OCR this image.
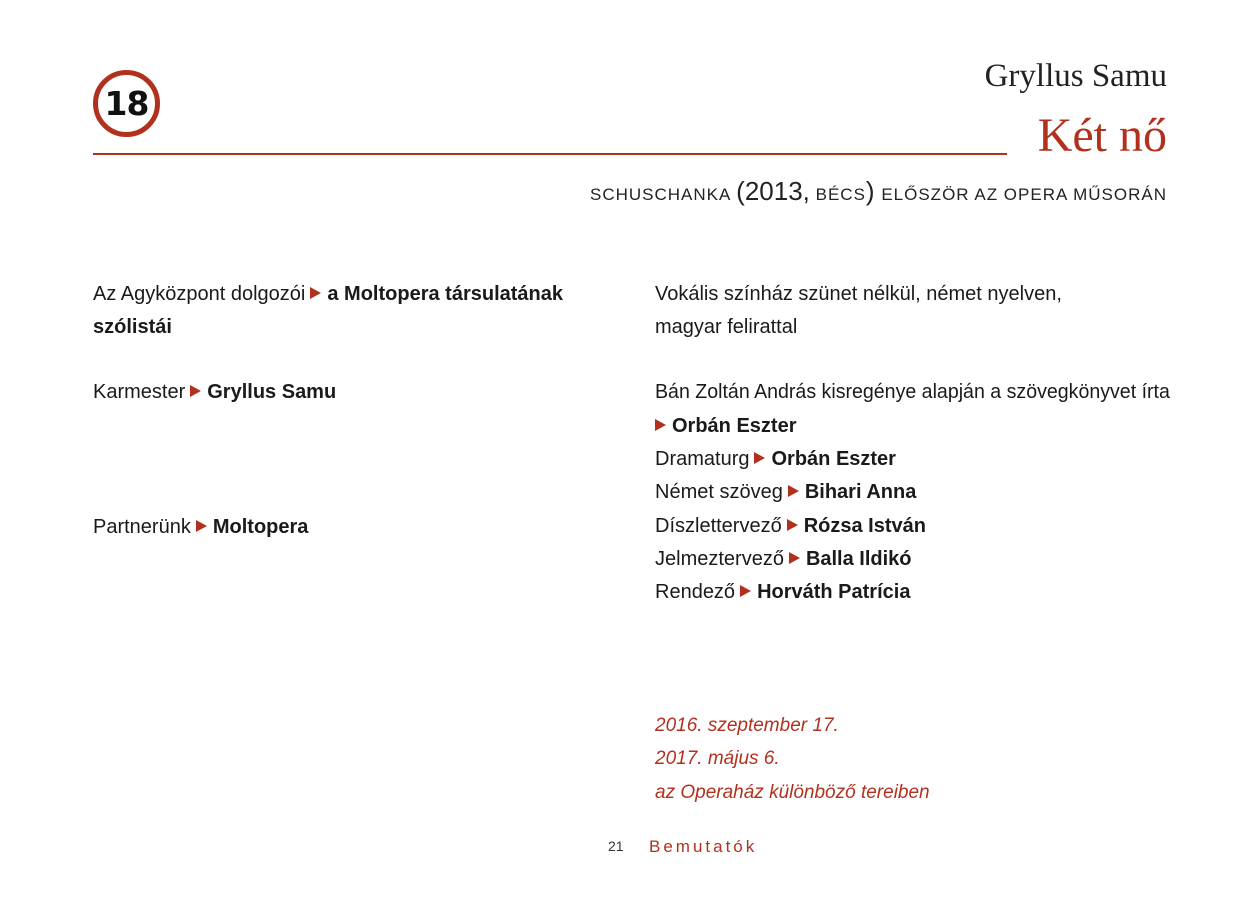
18
Gryllus Samu
Két nő
SCHUSCHANKA (2013, BÉCS) ELŐSZÖR AZ OPERA MŰSORÁN
Az Agyközpont dolgozói a Moltopera társulatának
szólistái
Karmester Gryllus Samu
Partnerünk Moltopera
Vokális színház szünet nélkül, német nyelven,
magyar felirattal
Bán Zoltán András kisregénye alapján a szövegkönyvet írta
Orbán Eszter
Dramaturg Orbán Eszter
Német szöveg Bihari Anna
Díszlettervező Rózsa István
Jelmeztervező Balla Ildikó
Rendező Horváth Patrícia
2016. szeptember 17.
2017. május 6.
az Operaház különböző tereiben
21 Bemutatók
